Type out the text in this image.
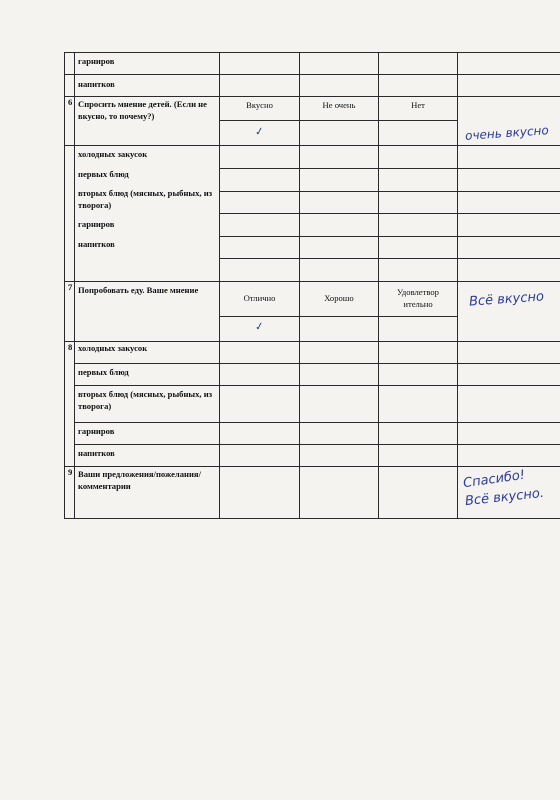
	гарниров				

	напитков				

6	Спросить мнение детей. (Если не вкусно, то почему?)	Вкусно	Не очень	Нет	очень вкусно
		✓			

	холодных закусок

первых блюд

вторых блюд (мясных, рыбных, из творога)

гарниров

напитков				

7	Попробовать еду. Ваше мнение	Отлично	Хорошо	Удовлетвор ительно	Всё вкусно
		✓			
8	холодных закусок				

	первых блюд				

	вторых блюд (мясных, рыбных, из творога)				

	гарниров				

	напитков				

9	Ваши предложения/пожелания/ комментарии				Спасибо!
Всё вкусно.
